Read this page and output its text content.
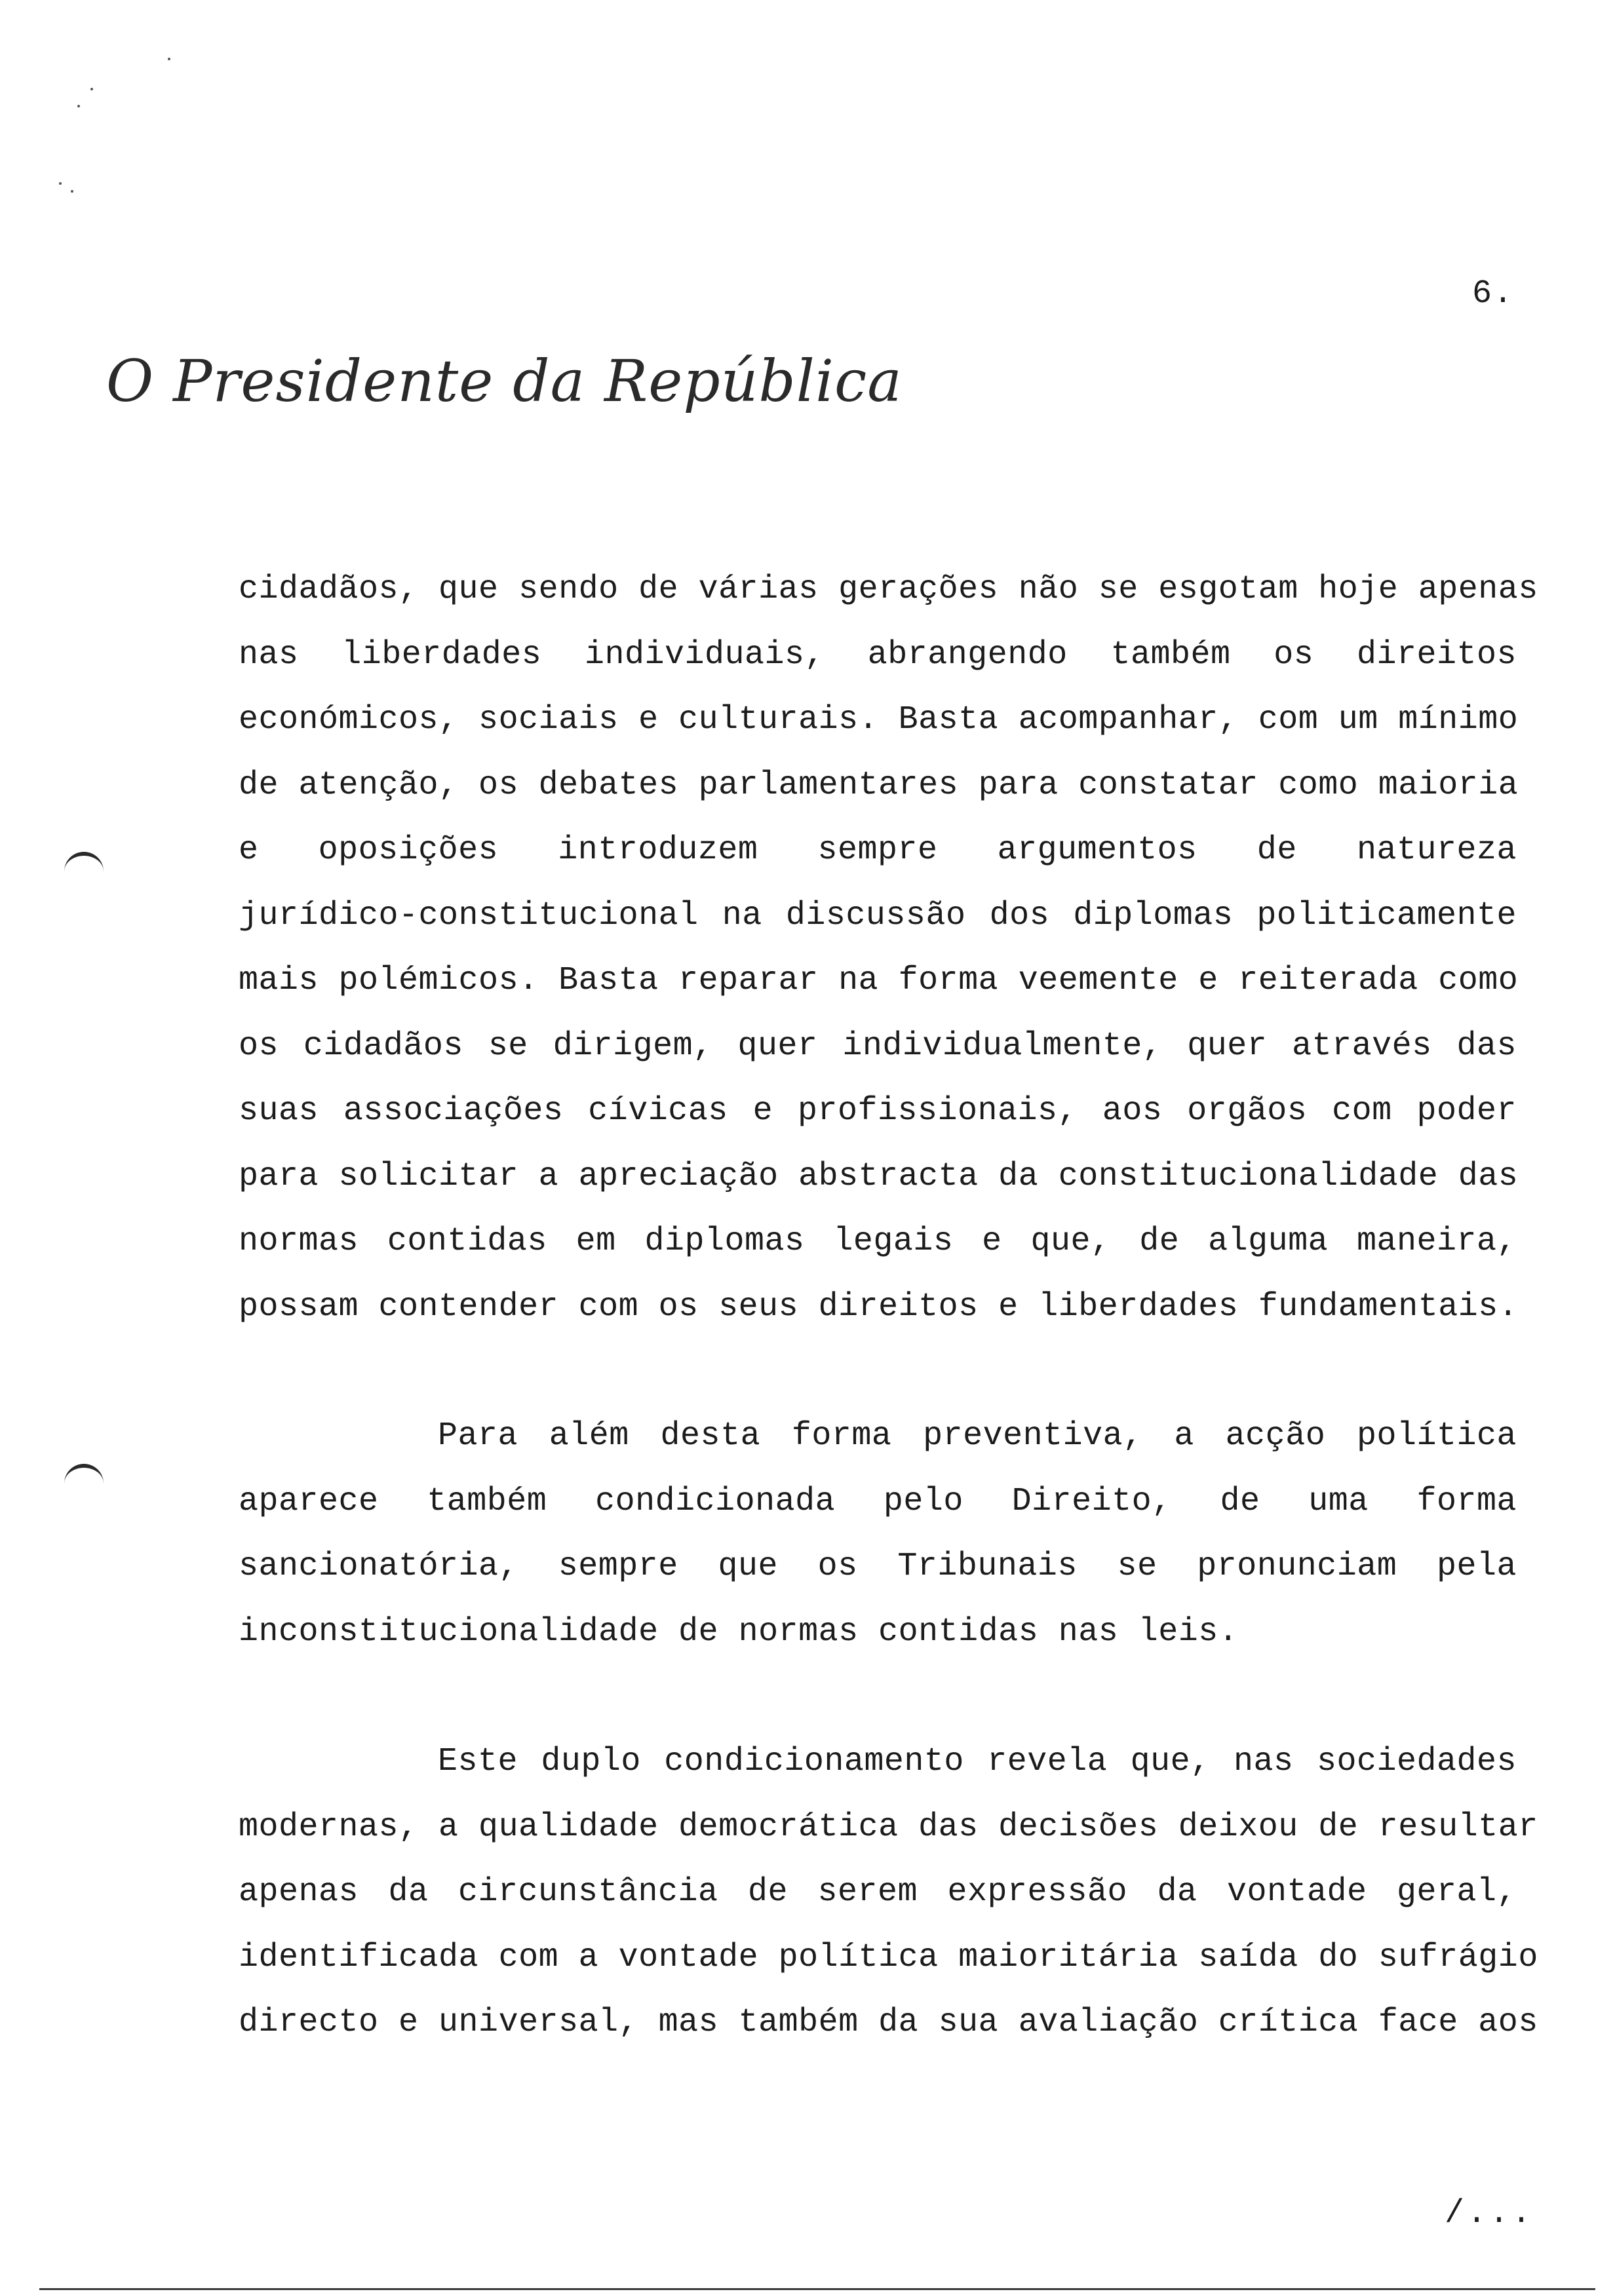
6.
O Presidente da República
cidadãos, que sendo de várias gerações não se esgotam hoje apenas
nas liberdades individuais, abrangendo também os direitos
económicos, sociais e culturais. Basta acompanhar, com um mínimo
de atenção, os debates parlamentares para constatar como maioria
e oposições introduzem sempre argumentos de natureza
jurídico-constitucional na discussão dos diplomas politicamente
mais polémicos. Basta reparar na forma veemente e reiterada como
os cidadãos se dirigem, quer individualmente, quer através das
suas associações cívicas e profissionais, aos orgãos com poder
para solicitar a apreciação abstracta da constitucionalidade das
normas contidas em diplomas legais e que, de alguma maneira,
possam contender com os seus direitos e liberdades fundamentais.
Para além desta forma preventiva, a acção política
aparece também condicionada pelo Direito, de uma forma
sancionatória, sempre que os Tribunais se pronunciam pela
inconstitucionalidade de normas contidas nas leis.
Este duplo condicionamento revela que, nas sociedades
modernas, a qualidade democrática das decisões deixou de resultar
apenas da circunstância de serem expressão da vontade geral,
identificada com a vontade política maioritária saída do sufrágio
directo e universal, mas também da sua avaliação crítica face aos
/...
